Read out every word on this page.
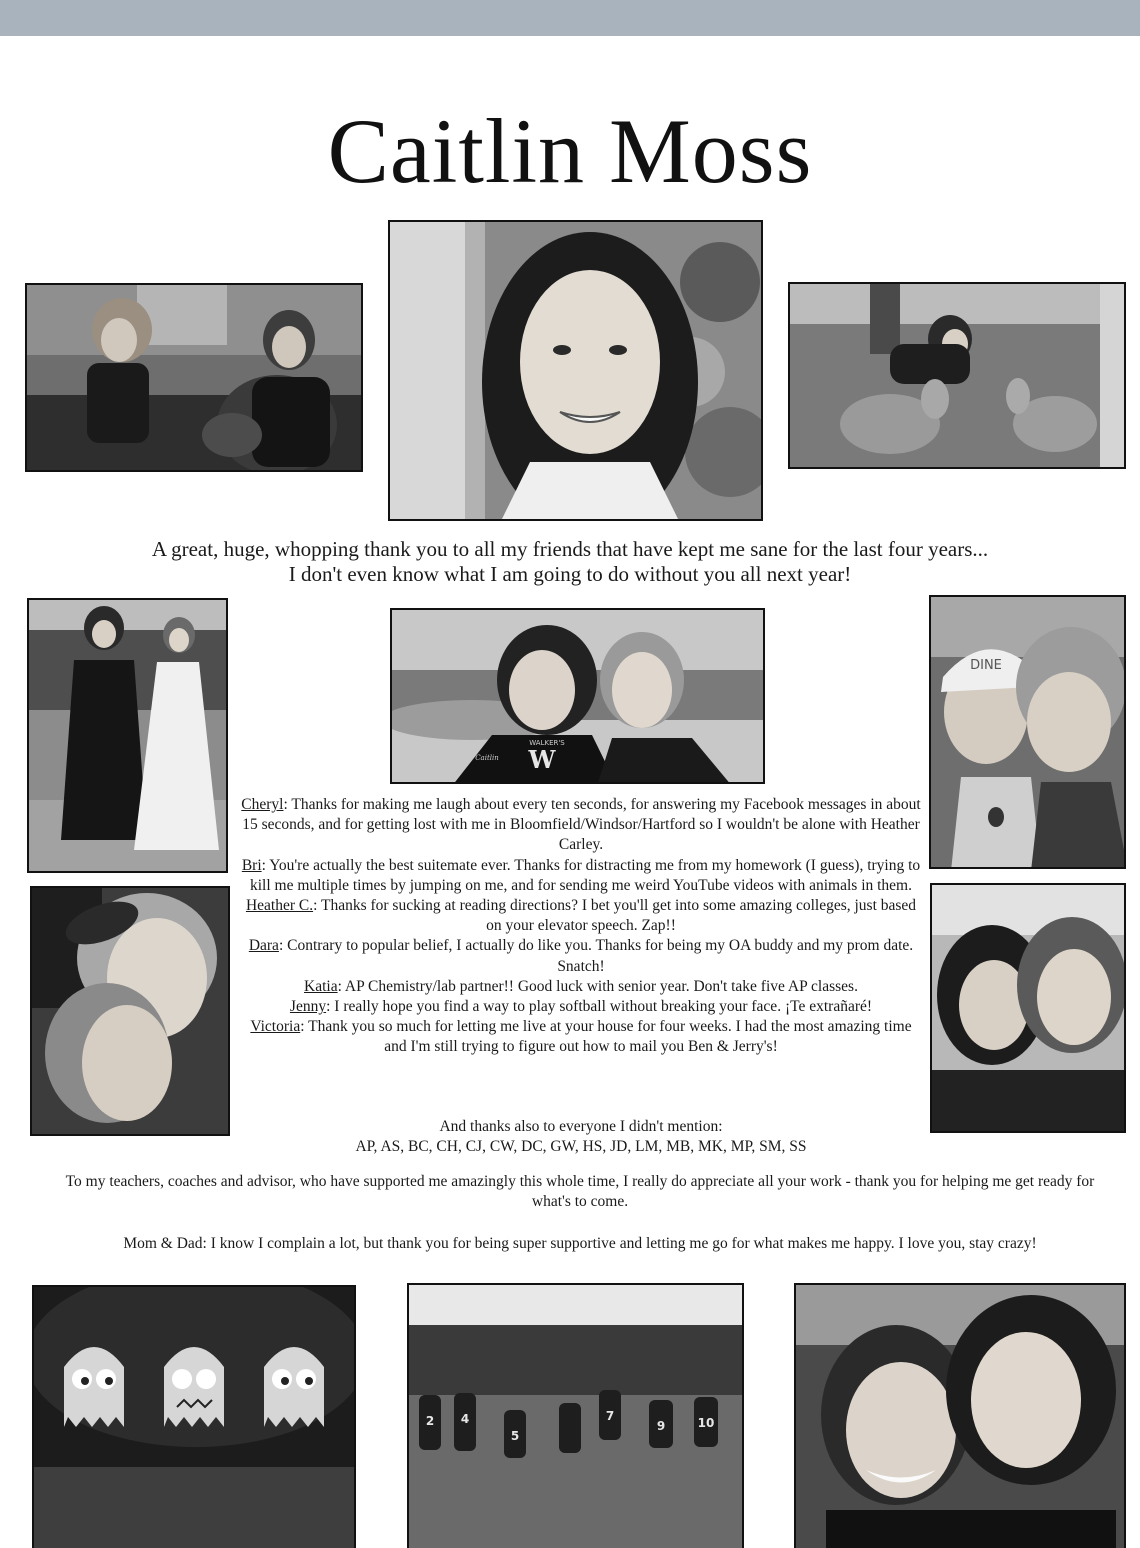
Caitlin Moss
A great, huge, whopping thank you to all my friends that have kept me sane for the last four years...
I don't even know what I am going to do without you all next year!
W
WALKER'S
Caitlin
DINE
Cheryl: Thanks for making me laugh about every ten seconds, for answering my Facebook messages in about 15 seconds, and for getting lost with me in Bloomfield/Windsor/Hartford so I wouldn't be alone with Heather Carley.
Bri: You're actually the best suitemate ever. Thanks for distracting me from my homework (I guess), trying to kill me multiple times by jumping on me, and for sending me weird YouTube videos with animals in them.
Heather C.: Thanks for sucking at reading directions? I bet you'll get into some amazing colleges, just based on your elevator speech. Zap!!
Dara: Contrary to popular belief, I actually do like you. Thanks for being my OA buddy and my prom date. Snatch!
Katia: AP Chemistry/lab partner!! Good luck with senior year. Don't take five AP classes.
Jenny: I really hope you find a way to play softball without breaking your face. ¡Te extrañaré!
Victoria: Thank you so much for letting me live at your house for four weeks. I had the most amazing time and I'm still trying to figure out how to mail you Ben & Jerry's!
And thanks also to everyone I didn't mention:
AP, AS, BC, CH, CJ, CW, DC, GW, HS, JD, LM, MB, MK, MP, SM, SS
To my teachers, coaches and advisor, who have supported me amazingly this whole time, I really do appreciate all your work - thank you for helping me get ready for what's to come.
Mom & Dad: I know I complain a lot, but thank you for being super supportive and letting me go for what makes me happy. I love you, stay crazy!
2 4
5
7
9	10
